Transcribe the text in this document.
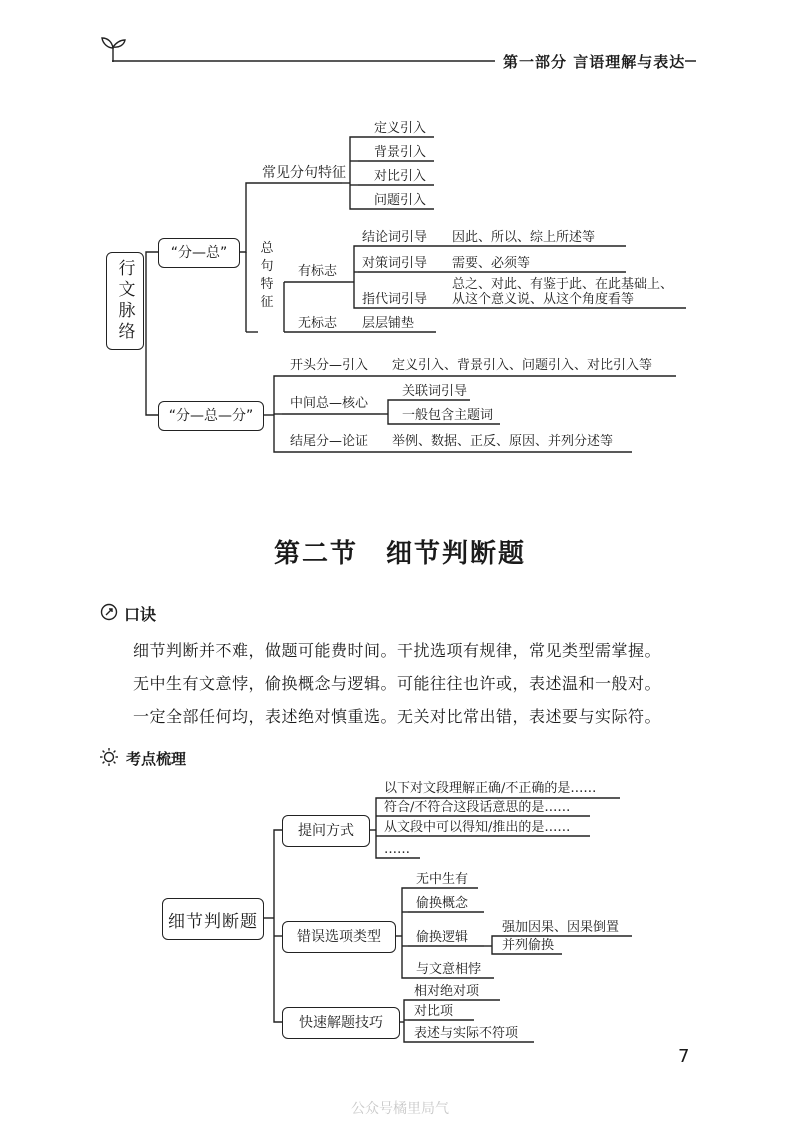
第一部分 言语理解与表达
行文脉络
“分—总”
“分—总—分”
常见分句特征
定义引入
背景引入
对比引入
问题引入
总句特征
有标志
结论词引导 因此、所以、综上所述等
对策词引导 需要、必须等
指代词引导
总之、对此、有鉴于此、在此基础上、
从这个意义说、从这个角度看等
无标志 层层铺垫
开头分—引入 定义引入、背景引入、问题引入、对比引入等
中间总—核心
关联词引导
一般包含主题词
结尾分—论证 举例、数据、正反、原因、并列分述等
第二节　细节判断题
口诀
细节判断并不难，做题可能费时间。干扰选项有规律，常见类型需掌握。
无中生有文意悖，偷换概念与逻辑。可能往往也许或，表述温和一般对。
一定全部任何均，表述绝对慎重选。无关对比常出错，表述要与实际符。
考点梳理
细节判断题
提问方式
错误选项类型
快速解题技巧
以下对文段理解正确/不正确的是……
符合/不符合这段话意思的是……
从文段中可以得知/推出的是……
……
无中生有
偷换概念
偷换逻辑
与文意相悖
强加因果、因果倒置
并列偷换
相对绝对项
对比项
表述与实际不符项
7
公众号橘里局气
